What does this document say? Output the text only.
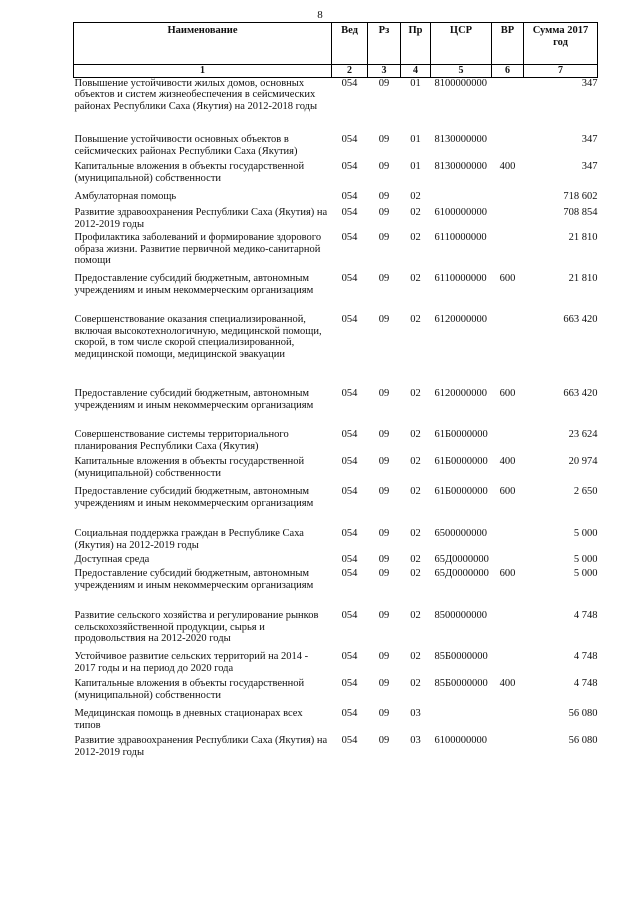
8
Наименование	Вед	Рз	Пр	ЦСР	ВР	Сумма 2017 год
1	2	3	4	5	6	7
Повышение устойчивости жилых домов, основных объектов и систем жизнеобеспечения в сейсмических районах Республики Саха (Якутия) на 2012-2018 годы	054	09	01	8100000000		347
Повышение устойчивости основных объектов в сейсмических районах Республики Саха (Якутия)	054	09	01	8130000000		347
Капитальные вложения в объекты государственной (муниципальной) собственности	054	09	01	8130000000	400	347
Амбулаторная помощь	054	09	02			718 602
Развитие здравоохранения Республики Саха (Якутия) на 2012-2019 годы	054	09	02	6100000000		708 854
Профилактика заболеваний и формирование здорового образа жизни. Развитие первичной медико-санитарной помощи	054	09	02	6110000000		21 810
Предоставление субсидий бюджетным, автономным учреждениям и иным некоммерческим организациям	054	09	02	6110000000	600	21 810
Совершенствование оказания специализированной, включая высокотехнологичную, медицинской помощи, скорой, в том числе скорой специализированной, медицинской помощи, медицинской эвакуации	054	09	02	6120000000		663 420
Предоставление субсидий бюджетным, автономным учреждениям и иным некоммерческим организациям	054	09	02	6120000000	600	663 420
Совершенствование системы территориального планирования Республики Саха (Якутия)	054	09	02	61Б0000000		23 624
Капитальные вложения в объекты государственной (муниципальной) собственности	054	09	02	61Б0000000	400	20 974
Предоставление субсидий бюджетным, автономным учреждениям и иным некоммерческим организациям	054	09	02	61Б0000000	600	2 650
Социальная поддержка граждан в Республике Саха (Якутия) на 2012-2019 годы	054	09	02	6500000000		5 000
Доступная среда	054	09	02	65Д0000000		5 000
Предоставление субсидий бюджетным, автономным учреждениям и иным некоммерческим организациям	054	09	02	65Д0000000	600	5 000
Развитие сельского хозяйства и регулирование рынков сельскохозяйственной продукции, сырья и продовольствия на 2012-2020 годы	054	09	02	8500000000		4 748
Устойчивое развитие сельских территорий на 2014 - 2017 годы и на период до 2020 года	054	09	02	85Б0000000		4 748
Капитальные вложения в объекты государственной (муниципальной) собственности	054	09	02	85Б0000000	400	4 748
Медицинская помощь в дневных стационарах всех типов	054	09	03			56 080
Развитие здравоохранения Республики Саха (Якутия) на 2012-2019 годы	054	09	03	6100000000		56 080
